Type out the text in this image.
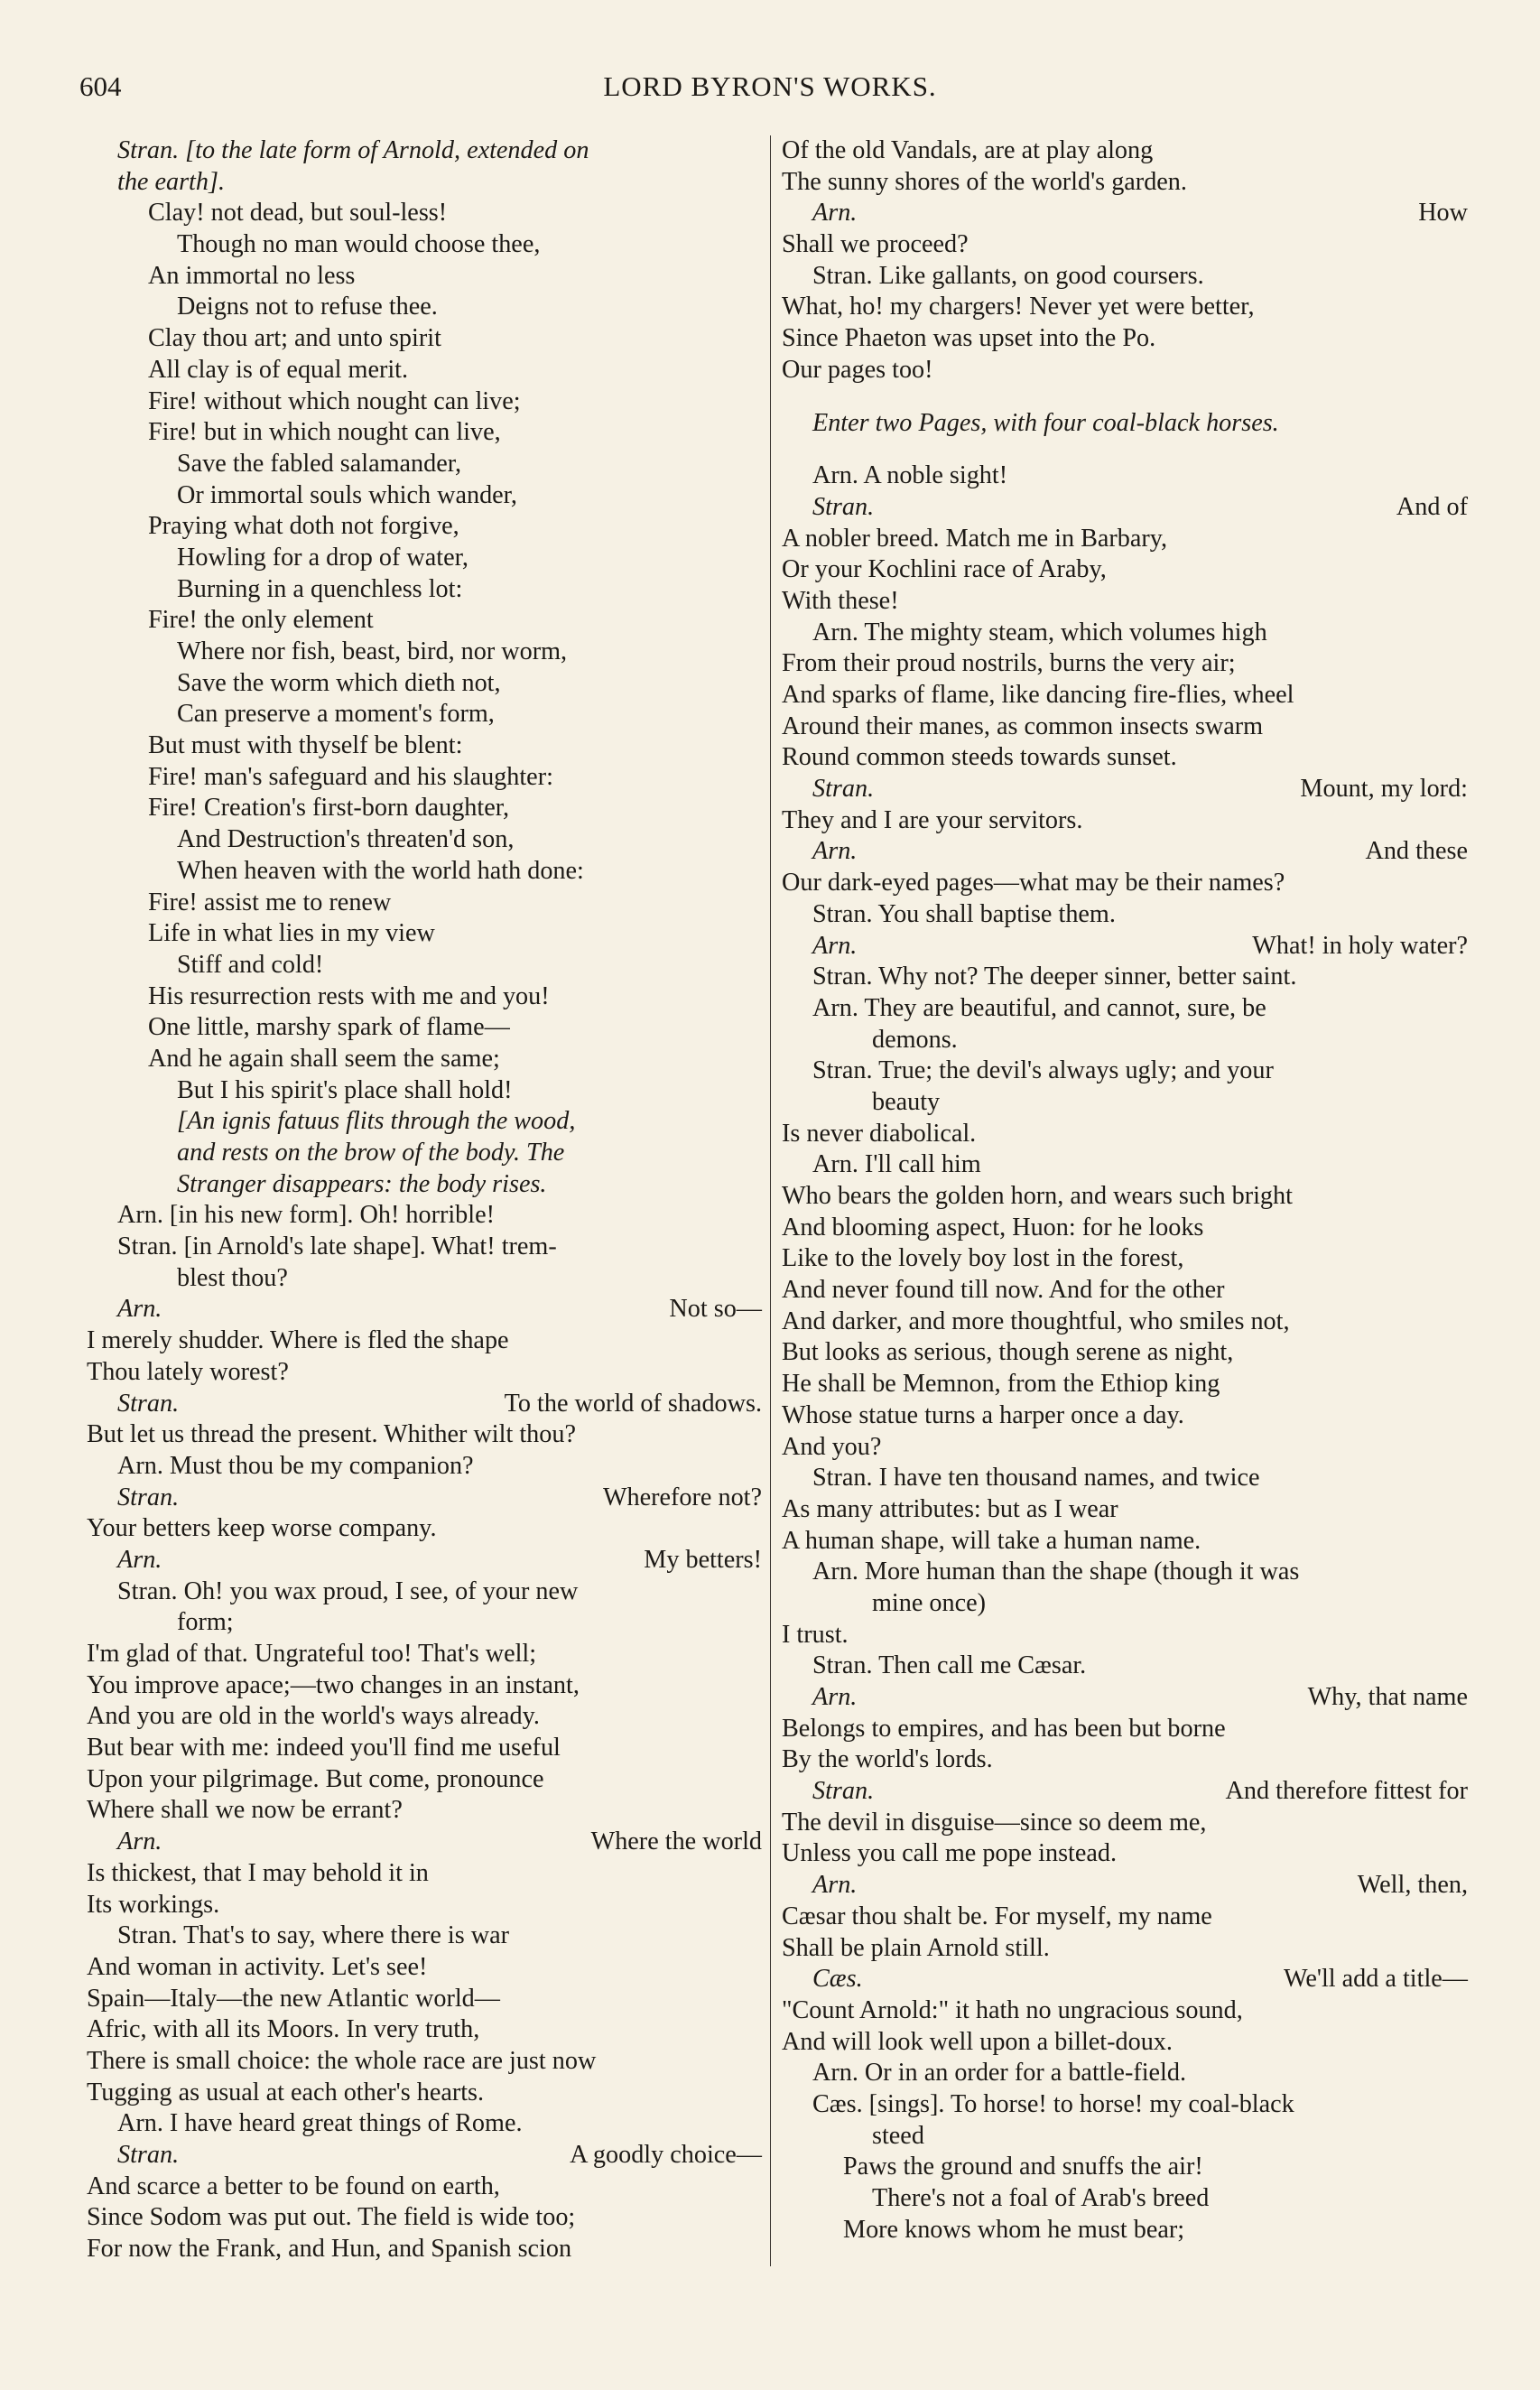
604	LORD BYRON'S WORKS.
Stran. [to the late form of Arnold, extended on
the earth].
Clay! not dead, but soul-less!
Though no man would choose thee,
An immortal no less
Deigns not to refuse thee.
Clay thou art; and unto spirit
All clay is of equal merit.
Fire! without which nought can live;
Fire! but in which nought can live,
Save the fabled salamander,
Or immortal souls which wander,
Praying what doth not forgive,
Howling for a drop of water,
Burning in a quenchless lot:
Fire! the only element
Where nor fish, beast, bird, nor worm,
Save the worm which dieth not,
Can preserve a moment's form,
But must with thyself be blent:
Fire! man's safeguard and his slaughter:
Fire! Creation's first-born daughter,
And Destruction's threaten'd son,
When heaven with the world hath done:
Fire! assist me to renew
Life in what lies in my view
Stiff and cold!
His resurrection rests with me and you!
One little, marshy spark of flame—
And he again shall seem the same;
But I his spirit's place shall hold!
[An ignis fatuus flits through the wood,
and rests on the brow of the body. The
Stranger disappears: the body rises.
Arn. [in his new form]. Oh! horrible!
Stran. [in Arnold's late shape]. What! trem-
blest thou?
Arn.	Not so—
I merely shudder. Where is fled the shape
Thou lately worest?
Stran.	To the world of shadows.
But let us thread the present. Whither wilt thou?
Arn. Must thou be my companion?
Stran.	Wherefore not?
Your betters keep worse company.
Arn.	My betters!
Stran. Oh! you wax proud, I see, of your new
form;
I'm glad of that. Ungrateful too! That's well;
You improve apace;—two changes in an instant,
And you are old in the world's ways already.
But bear with me: indeed you'll find me useful
Upon your pilgrimage. But come, pronounce
Where shall we now be errant?
Arn.	Where the world
Is thickest, that I may behold it in
Its workings.
Stran. That's to say, where there is war
And woman in activity. Let's see!
Spain—Italy—the new Atlantic world—
Afric, with all its Moors. In very truth,
There is small choice: the whole race are just now
Tugging as usual at each other's hearts.
Arn. I have heard great things of Rome.
Stran.	A goodly choice—
And scarce a better to be found on earth,
Since Sodom was put out. The field is wide too;
For now the Frank, and Hun, and Spanish scion
Of the old Vandals, are at play along
The sunny shores of the world's garden.
Arn.	How
Shall we proceed?
Stran. Like gallants, on good coursers.
What, ho! my chargers! Never yet were better,
Since Phaeton was upset into the Po.
Our pages too!
Enter two Pages, with four coal-black horses.
Arn. A noble sight!
Stran.	And of
A nobler breed. Match me in Barbary,
Or your Kochlini race of Araby,
With these!
Arn. The mighty steam, which volumes high
From their proud nostrils, burns the very air;
And sparks of flame, like dancing fire-flies, wheel
Around their manes, as common insects swarm
Round common steeds towards sunset.
Stran.	Mount, my lord:
They and I are your servitors.
Arn.	And these
Our dark-eyed pages—what may be their names?
Stran. You shall baptise them.
Arn.	What! in holy water?
Stran. Why not? The deeper sinner, better saint.
Arn. They are beautiful, and cannot, sure, be
demons.
Stran. True; the devil's always ugly; and your
beauty
Is never diabolical.
Arn. I'll call him
Who bears the golden horn, and wears such bright
And blooming aspect, Huon: for he looks
Like to the lovely boy lost in the forest,
And never found till now. And for the other
And darker, and more thoughtful, who smiles not,
But looks as serious, though serene as night,
He shall be Memnon, from the Ethiop king
Whose statue turns a harper once a day.
And you?
Stran. I have ten thousand names, and twice
As many attributes: but as I wear
A human shape, will take a human name.
Arn. More human than the shape (though it was
mine once)
I trust.
Stran. Then call me Cæsar.
Arn.	Why, that name
Belongs to empires, and has been but borne
By the world's lords.
Stran.	And therefore fittest for
The devil in disguise—since so deem me,
Unless you call me pope instead.
Arn.	Well, then,
Cæsar thou shalt be. For myself, my name
Shall be plain Arnold still.
Cæs.	We'll add a title—
"Count Arnold:" it hath no ungracious sound,
And will look well upon a billet-doux.
Arn. Or in an order for a battle-field.
Cæs. [sings]. To horse! to horse! my coal-black
steed
Paws the ground and snuffs the air!
There's not a foal of Arab's breed
More knows whom he must bear;
